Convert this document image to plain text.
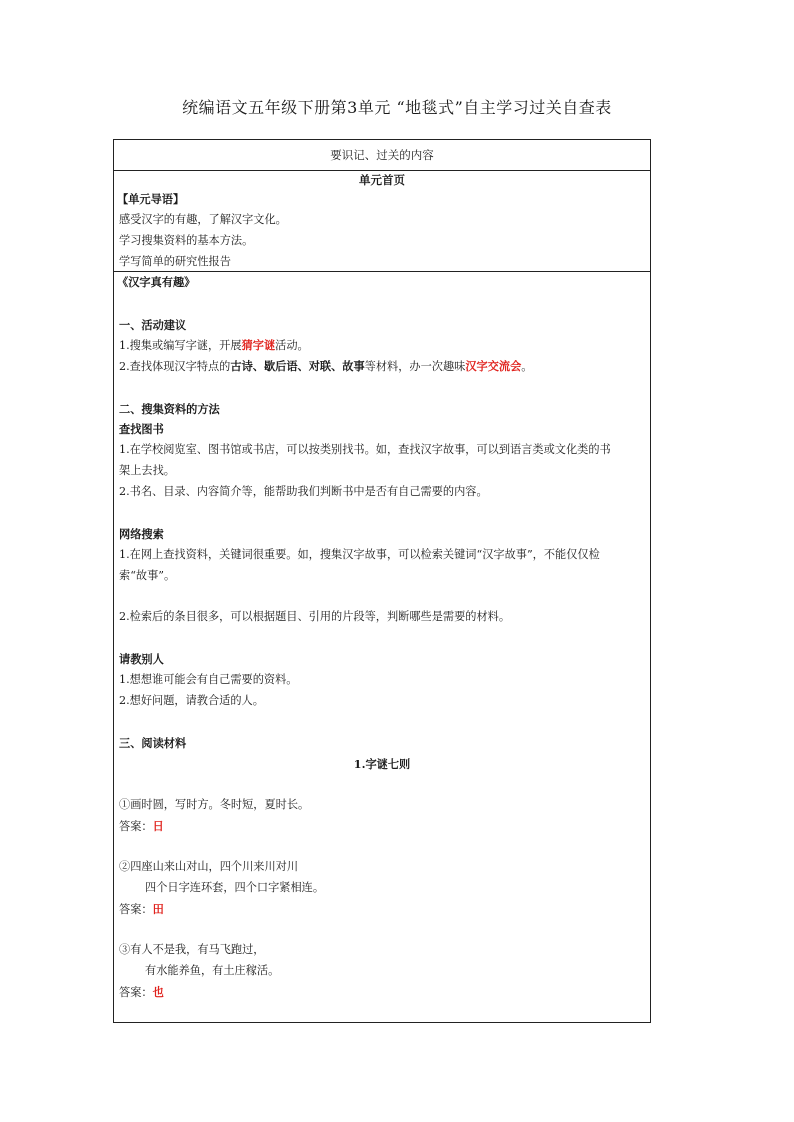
统编语文五年级下册第3单元 “地毯式”自主学习过关自查表
要识记、过关的内容
单元首页
【单元导语】
感受汉字的有趣，了解汉字文化。
学习搜集资料的基本方法。
学写简单的研究性报告
《汉字真有趣》
一、活动建议
1.搜集或编写字谜，开展猜字谜活动。
2.查找体现汉字特点的古诗、歇后语、对联、故事等材料，办一次趣味汉字交流会。
二、搜集资料的方法
查找图书
1.在学校阅览室、图书馆或书店，可以按类别找书。如，查找汉字故事，可以到语言类或文化类的书
架上去找。
2.书名、目录、内容简介等，能帮助我们判断书中是否有自己需要的内容。
网络搜索
1.在网上查找资料，关键词很重要。如，搜集汉字故事，可以检索关键词“汉字故事”，不能仅仅检
索“故事”。
2.检索后的条目很多，可以根据题目、引用的片段等，判断哪些是需要的材料。
请教别人
1.想想谁可能会有自己需要的资料。
2.想好问题，请教合适的人。
三、阅读材料
1.字谜七则
①画时圆，写时方。冬时短，夏时长。
答案：日
②四座山来山对山，四个川来川对川
四个日字连环套，四个口字紧相连。
答案：田
③有人不是我，有马飞跑过，
有水能养鱼，有土庄稼活。
答案：也
